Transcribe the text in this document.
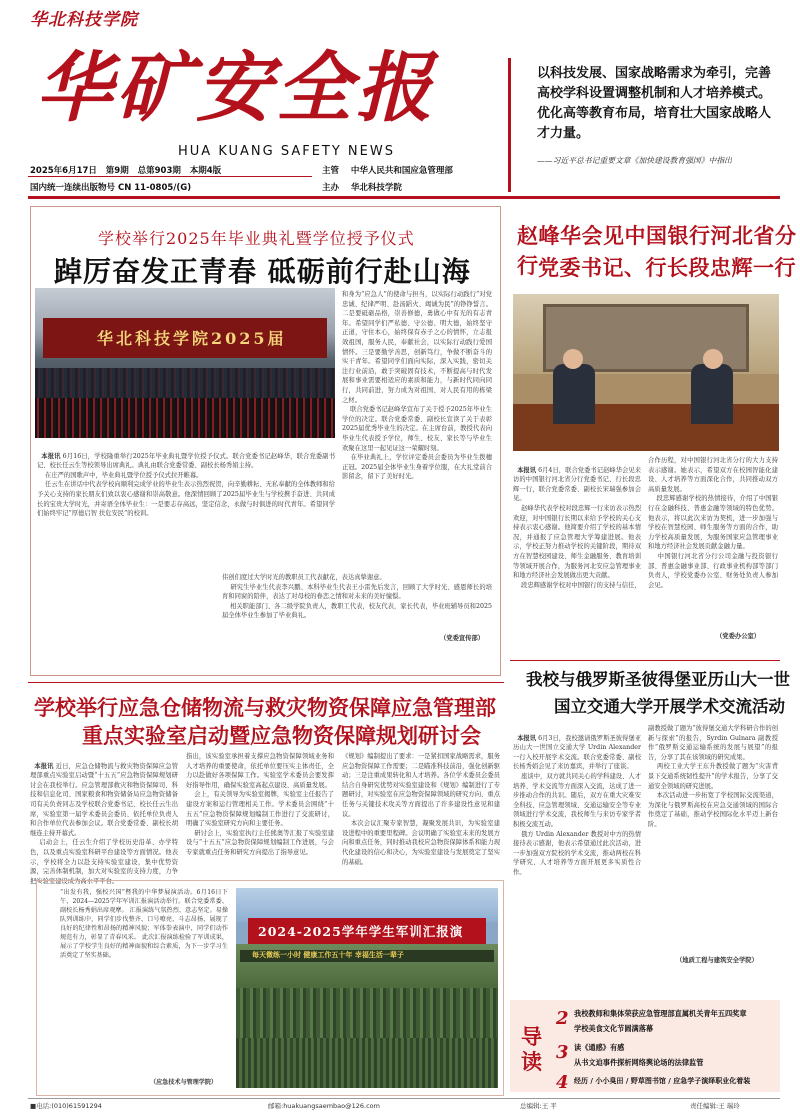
华北科技学院
华矿安全报
HUA KUANG SAFETY NEWS
2025年6月17日 第9期 总第903期 本期4版
国内统一连续出版物号 CN 11-0805/(G)
主管 中华人民共和国应急管理部
主办 华北科技学院
以科技发展、国家战略需求为牵引，完善高校学科设置调整机制和人才培养模式。优化高等教育布局，培育壮大国家战略人才力量。
——习近平总书记重要文章《加快建设教育强国》中指出
学校举行2025年毕业典礼暨学位授予仪式
踔厉奋发正青春 砥砺前行赴山海
华北科技学院2025届

本报讯 6月16日，学校隆重举行2025年毕业典礼暨学位授予仪式。联合党委书记赵峰华，联合党委副书记、校长任云生等校领导出席典礼。典礼由联合党委常委、副校长杨秀娟主持。
在庄严的国歌声中，毕业典礼暨学位授予仪式拉开帷幕。
任云生在讲话中代表学校向顺利完成学业的毕业生表示热烈祝贺，向辛勤耕耘、无私奉献的全体教师和给予关心支持的家长朋友们致以衷心感谢和崇高敬意。他深情回顾了2025届毕业生与学校携手奋进、共同成长的宝贵大学时光，并寄语全体毕业生：一是要志存高远，坚定信念，永做与时俱进的时代青年。希望同学们始终牢记“厚德启智 扶危安民”的校训。

和身为“应急人”的使命与担当，以实际行动践行“对党忠诚、纪律严明、赴汤蹈火、竭诚为民”的铮铮誓言。二是要砥砺品格，崇善修德，勇做心中有光的有志青年。希望同学们严私德、守公德、明大德，始终坚守正道，守住本心，始终保有赤子之心的情怀，立志报效祖国，服务人民，奉献社会，以实际行动践行爱国情怀。三是要勤学善思，创新笃行，争做不断奋斗的实干青年。希望同学们面向实际，深入实践，密切关注行业前沿，敢于突破固有技术，不断提高与时代发展和事业需要相适应的素质和能力，与新时代同向同行，共同前进，努力成为对祖国、对人民有用的栋梁之材。
联合党委书记赵峰华宣布了关于授予2025年毕业生学位的决定。联合党委常委、副校长宣读了关于表彰2025届优秀毕业生的决定。在主席台前，教授代表向毕业生代表授予学位，师生、校友、家长等与毕业生欢聚在这里一起见证这一荣耀时刻。
在毕业典礼上，学位评定委员会委员为毕业生拨穗正冠。2025届全体毕业生身着学位服，在大礼堂前合影留念，留下了美好时光。
伟创们度过大学时光的教职员工代表献花，表达真挚谢意。
研究生毕业生代表李兴鹏、本科毕业生代表王小雷先后发言，回顾了大学时光、感恩师长的培育和同窗的陪伴，表达了对母校的眷恋之情和对未来的美好憧憬。
相关职能部门、各二级学院负责人，教职工代表，校友代表，家长代表，毕业班辅导员和2025届全体毕业生参加了毕业典礼。
（党委宣传部）
赵峰华会见中国银行河北省分行 党委书记、行长段忠辉一行

本报讯 6月4日，联合党委书记赵峰华会见来访的中国银行河北省分行党委书记、行长段忠辉一行，联合党委常委、副校长宋瑞强参加会见。
赵峰华代表学校对段忠辉一行来访表示热烈欢迎，对中国银行长期以来给予学校的关心支持表示衷心感谢。他简要介绍了学校的基本情况，并通报了应急管理大学筹建进展。他表示，学校正努力推动学校的关键阶段，期待双方在智慧校园建设、师生金融服务、教育培训等领域开展合作，为服务河北安应急管理事业和地方经济社会发展做出更大贡献。
段忠辉感谢学校对中国银行的支持与信任，

合作历程，对中国银行河北省分行的大力支持表示感谢。她表示，希望双方在校园智能化建设、人才培养等方面深化合作，共同推动双方高质量发展。
段忠辉感谢学校的热情接待，介绍了中国银行在金融科技、普惠金融等领域的特色优势。他表示，将以此次来访为契机，进一步加强与学校在智慧校园、师生服务等方面的合作，助力学校高质量发展，为服务国家应急管理事业和地方经济社会发展贡献金融力量。
中国银行河北省分行公司金融与投资银行部、普惠金融事业部、行政事业机构部等部门负责人，学校党委办公室、财务处负责人参加会见。
（党委办公室）
学校举行应急仓储物流与救灾物资保障应急管理部
重点实验室启动暨应急物资保障规划研讨会

本报讯 近日，应急仓储物流与救灾物资保障应急管理部重点实验室启动暨“十五五”应急物资保障规划研讨会在我校举行。应急管理部救灾和物资保障司、科技和信息化司、国家粮食和物资储备局应急物资储备司有关负责同志及学校联合党委书记、校长任云生出席，实验室第一届学术委员会委员、依托单位负责人和合作单位代表参加会议。联合党委常委、副校长胡继连主持开幕式。
启动会上，任云生介绍了学校历史沿革、办学特色，以及重点实验室科研平台建设等方面情况。他表示，学校将全力以赴支持实验室建设，集中优势资源，完善体制机制，加大对实验室的支持力度，力争把实验室建设成为高水平平台。

指出，该实验室承担着支撑应急物资保障领域业务和人才培养的重要使命，依托单位要压实主体责任，全力以赴做好各项保障工作。实验室学术委员会要发挥好指导作用，确保实验室高起点建设、高质量发展。
会上，有关领导为实验室揭牌，实验室主任报告了建设方案和运行管理相关工作。学术委员会围绕“十五五”应急物资保障规划编制工作进行了交流研讨，明确了实验室研究方向和主要任务。
研讨会上，实验室执行主任熊奥等汇报了实验室建设与“十五五”应急物资保障规划编制工作进展，与会专家就重点任务和研究方向提出了指导意见。
《规划》编制提出了要求：一是紧扣国家战略需求，服务应急物资保障工作需要；二是瞄准科技前沿，强化创新驱动；三是注重成果转化和人才培养。各位学术委员会委员结合自身研究优势对实验室建设和《规划》编制进行了专题研讨，对实验室在应急物资保障领域的研究方向、重点任务与关键技术攻关等方面提出了许多建设性意见和建议。
本次会议汇聚专家智慧，凝聚发展共识，为实验室建设进程中的重要里程碑。会议明确了实验室未来的发展方向和重点任务，同时推动我校应急物资保障体系和能力现代化建设的信心和决心，为实验室建设与发展奠定了坚实的基础。
我校与俄罗斯圣彼得堡亚历山大一世
国立交通大学开展学术交流活动

本报讯 6月3日，我校邀请俄罗斯圣彼得堡亚历山大一世国立交通大学 Urdin Alexander 一行入校开展学术交流。联合党委常委、副校长杨秀娟会见了来访嘉宾，并举行了座谈。
座谈中，双方就共同关心的学科建设、人才培养、学术交流等方面深入交流，达成了进一步推动合作的共识。随后，双方在重大灾难安全科技、应急管理领域、交通运输安全等专业领域进行学术交流，我校师生与来访专家学者积极交流互动。
俄方 Urdin Alexander 教授对中方的热情接待表示感谢，他表示希望通过此次活动，进一步加强双方院校的学术交流，推动两校在科学研究、人才培养等方面开展更多实质性合作。

副教授做了题为“彼得堡交通大学科研合作的创新与探索”的报告，Syrdin Gulnara 副教授作“俄罗斯交通运输系统的发展与展望”的报告，分享了其在该领域的研究成果。
两校工业大学王东升教授做了题为“灾害背景下交通系统韧性提升”的学术报告，分享了交通安全领域的研究进展。
本次活动进一步拓宽了学校国际交流渠道，为深化与俄罗斯高校在应急交通领域的国际合作奠定了基础，推动学校国际化水平迈上新台阶。
（地质工程与建筑安全学院）
“出发有我，强校兴国”暨我的中华梦展演活动。6月16日下午，2024—2025学年军训汇报演活动举行。联合党委常委、副校长杨秀娟出席观摩。 汇报演练气氛热烈、意志坚定。易操队列训练中，同学们步伐整齐、口号嘹亮、斗志昂扬，展现了良好的纪律性和昂扬的精神风貌；军体拳表演中，同学们动作规范有力，彰显了青春风采。 此次汇报演练检验了军训成果，展示了学校学生良好的精神面貌和综合素质，为下一步学习生活奠定了坚实基础。
（应急技术与管理学院）
2024-2025学年学生军训汇报演
每天微练一小时 健康工作五十年 幸福生活一辈子
导读
2 我校教师和集体荣获应急管理部直属机关青年五四奖章
学校美食文化节圆满落幕
3 读《通感》有感
从书文迫事件探析网络舆论场的法律监管
4 经历 / 小小臭田 / 野草图书馆 / 应急学子演绎职业化着装
■电话:(010)61591294	邮箱:huakuangsaembao@126.com	总编辑:王 平	责任编辑:王 瑞玲
